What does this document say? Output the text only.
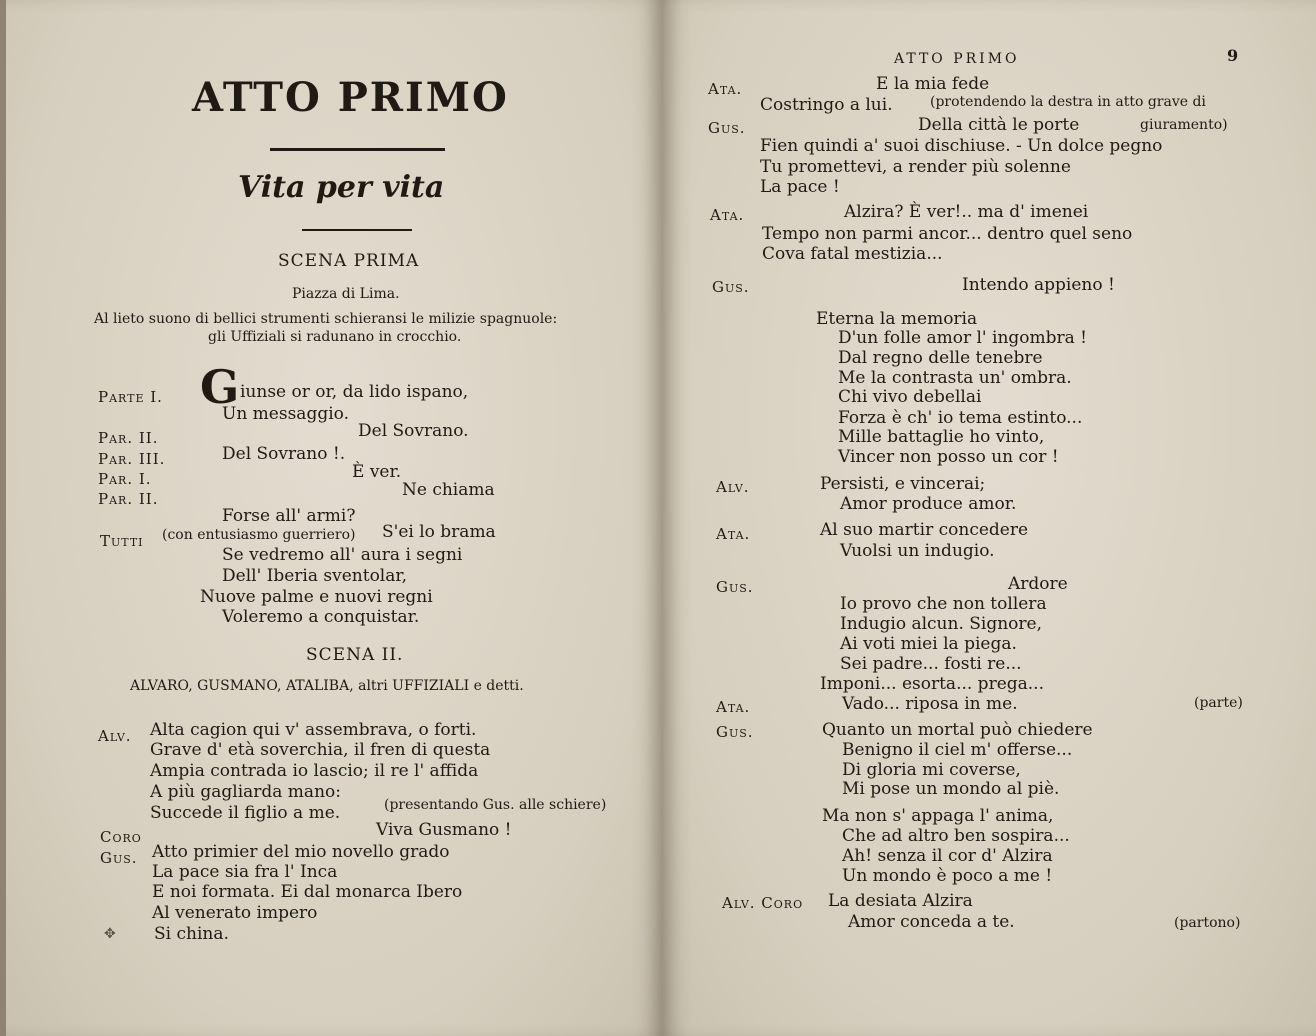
ATTO PRIMO
Vita per vita
SCENA PRIMA
Piazza di Lima.
Al lieto suono di bellici strumenti schieransi le milizie spagnuole:
gli Uffiziali si radunano in crocchio.
Parte I. G iunse or or, da lido ispano,
Un messaggio.
Par. II.	Del Sovrano.
Par. III.	Del Sovrano !.
Par. I.	È ver.
Par. II.	Ne chiama
Forse all' armi?
Tutti (con entusiasmo guerriero) S'ei lo brama
Se vedremo all' aura i segni
Dell' Iberia sventolar,
Nuove palme e nuovi regni
Voleremo a conquistar.
SCENA II.
ALVARO, GUSMANO, ATALIBA, altri UFFIZIALI e detti.
Alv. Alta cagion qui v' assembrava, o forti.
Grave d' età soverchia, il fren di questa
Ampia contrada io lascio; il re l' affida
A più gagliarda mano:
Succede il figlio a me.	(presentando Gus. alle schiere)
Coro	Viva Gusmano !
Gus. Atto primier del mio novello grado
La pace sia fra l' Inca
E noi formata. Ei dal monarca Ibero
Al venerato impero
✥ Si china.
ATTO PRIMO	9
Ata.	E la mia fede
Costringo a lui.	(protendendo la destra in atto grave di
Gus.	Della città le porte	giuramento)
Fien quindi a' suoi dischiuse. - Un dolce pegno
Tu promettevi, a render più solenne
La pace !
Ata.	Alzira? È ver!.. ma d' imenei
Tempo non parmi ancor... dentro quel seno
Cova fatal mestizia...
Gus.	Intendo appieno !
Eterna la memoria
D'un folle amor l' ingombra !
Dal regno delle tenebre
Me la contrasta un' ombra.
Chi vivo debellai
Forza è ch' io tema estinto...
Mille battaglie ho vinto,
Vincer non posso un cor !
Alv.	Persisti, e vincerai;
Amor produce amor.
Ata.	Al suo martir concedere
Vuolsi un indugio.
Gus.	Ardore
Io provo che non tollera
Indugio alcun. Signore,
Ai voti miei la piega.
Sei padre... fosti re...
Imponi... esorta... prega...
Ata.	Vado... riposa in me.	(parte)
Gus.	Quanto un mortal può chiedere
Benigno il ciel m' offerse...
Di gloria mi coverse,
Mi pose un mondo al piè.
Ma non s' appaga l' anima,
Che ad altro ben sospira...
Ah! senza il cor d' Alzira
Un mondo è poco a me !
Alv. Coro La desiata Alzira
Amor conceda a te.	(partono)
